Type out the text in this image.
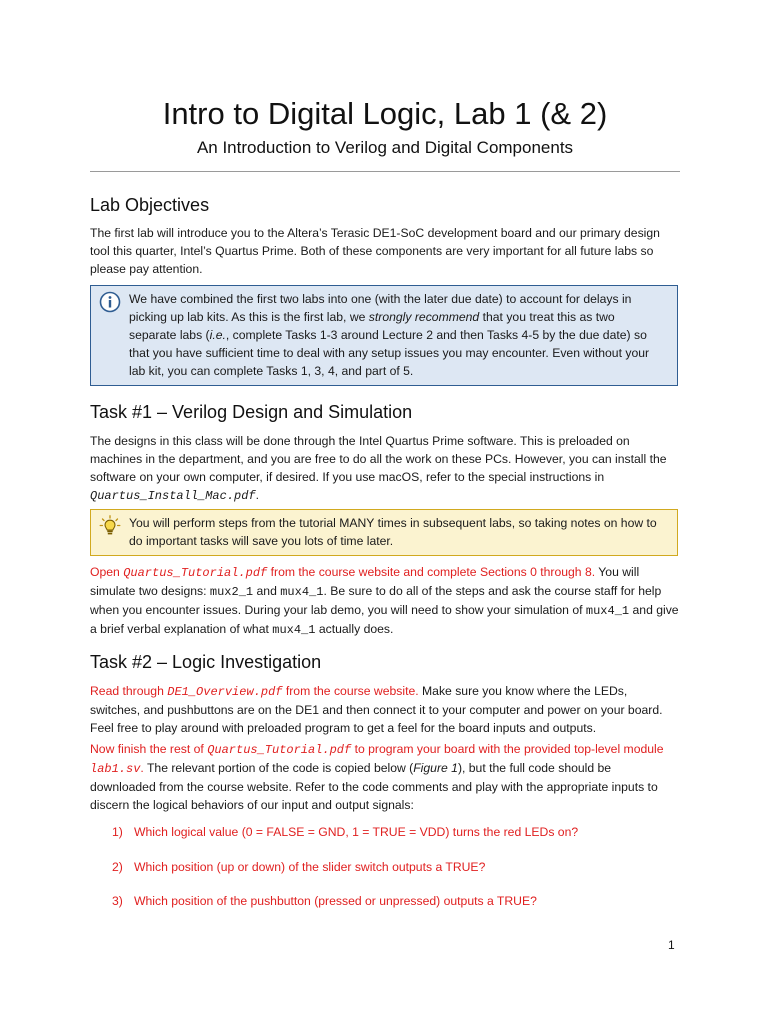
Intro to Digital Logic, Lab 1 (& 2)
An Introduction to Verilog and Digital Components
Lab Objectives

The first lab will introduce you to the Altera’s Terasic DE1-SoC development board and our primary design tool this quarter, Intel’s Quartus Prime. Both of these components are very important for all future labs so please pay attention.

We have combined the first two labs into one (with the later due date) to account for delays in picking up lab kits. As this is the first lab, we strongly recommend that you treat this as two separate labs (i.e., complete Tasks 1-3 around Lecture 2 and then Tasks 4-5 by the due date) so that you have sufficient time to deal with any setup issues you may encounter. Even without your lab kit, you can complete Tasks 1, 3, 4, and part of 5.
Task #1 – Verilog Design and Simulation

The designs in this class will be done through the Intel Quartus Prime software. This is preloaded on machines in the department, and you are free to do all the work on these PCs. However, you can install the software on your own computer, if desired. If you use macOS, refer to the special instructions in Quartus_Install_Mac.pdf.

You will perform steps from the tutorial MANY times in subsequent labs, so taking notes on how to do important tasks will save you lots of time later.

Open Quartus_Tutorial.pdf from the course website and complete Sections 0 through 8. You will simulate two designs: mux2_1 and mux4_1. Be sure to do all of the steps and ask the course staff for help when you encounter issues. During your lab demo, you will need to show your simulation of mux4_1 and give a brief verbal explanation of what mux4_1 actually does.

Task #2 – Logic Investigation

Read through DE1_Overview.pdf from the course website. Make sure you know where the LEDs, switches, and pushbuttons are on the DE1 and then connect it to your computer and power on your board. Feel free to play around with preloaded program to get a feel for the board inputs and outputs.

Now finish the rest of Quartus_Tutorial.pdf to program your board with the provided top-level module lab1.sv. The relevant portion of the code is copied below (Figure 1), but the full code should be downloaded from the course website. Refer to the code comments and play with the appropriate inputs to discern the logical behaviors of our input and output signals:

1) Which logical value (0 = FALSE = GND, 1 = TRUE = VDD) turns the red LEDs on?
2) Which position (up or down) of the slider switch outputs a TRUE?
3) Which position of the pushbutton (pressed or unpressed) outputs a TRUE?
1
